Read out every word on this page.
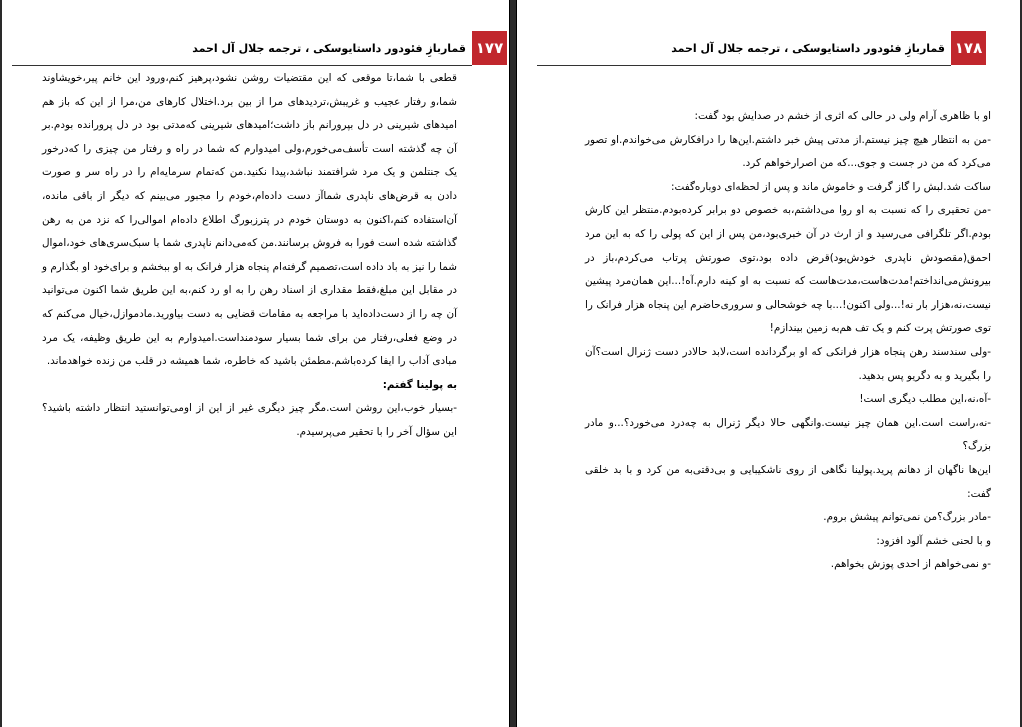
قماربازِ فئودور داستایوسکی ، ترجمه جلال آل احمد ۱۷۷

قطعی با شما،تا موقعی که این مقتضیات روشن نشود،پرهیز کنم،ورود این خانم پیر،خویشاوند شما،و رفتار عجیب و غریبش،تردیدهای مرا از بین برد.اختلال کارهای من،مرا از این که باز هم امیدهای شیرینی در دل بپرورانم باز داشت؛امیدهای شیرینی که‌مدتی بود در دل پرورانده بودم.بر آن چه گذشته است تأسف‌می‌خورم،ولی امیدوارم که شما در راه و رفتار من چیزی را که‌درخور یک جنتلمن و یک مرد شرافتمند نباشد،پیدا نکنید.من که‌تمام سرمایه‌ام را در راه سر و صورت دادن به قرض‌های ناپدری شماآز دست داده‌ام،خودم را مجبور می‌بینم که دیگر از باقی مانده، آن‌استفاده کنم،اکنون به دوستان خودم در پترزبورگ اطلاع داده‌ام اموالی‌را که نزد من به رهن گذاشته شده است فورا به فروش برسانند.من که‌می‌دانم ناپدری شما با سبک‌سری‌های خود،اموال شما را نیز به باد داده است،تصمیم گرفته‌ام پنجاه هزار فرانک به او ببخشم و برای‌خود او بگذارم و در مقابل این مبلغ،فقط مقداری از اسناد رهن را به او رد کنم،به این طریق شما اکنون می‌توانید آن چه را از دست‌داده‌اید با مراجعه به مقامات قضایی به دست بیاورید.مادموازل،خیال می‌کنم که در وضع فعلی،رفتار من برای شما بسیار سودمنداست.امیدوارم به این طریق وظیفه، یک مرد مبادی آداب را ایفا کرده‌باشم.مطمئن باشید که خاطره، شما همیشه در قلب من زنده خواهدماند.

به پولینا گفتم:

-بسیار خوب،این روشن است.مگر چیز دیگری غیر از این از اومی‌توانستید انتظار داشته باشید؟ این سؤال آخر را با تحقیر می‌پرسیدم.

قماربازِ فئودور داستایوسکی ، ترجمه جلال آل احمد ۱۷۸

او با ظاهری آرام ولی در حالی که اثری از خشم در صدایش بود گفت:

-من به انتظار هیچ چیز نیستم.از مدتی پیش خبر داشتم.این‌ها را درافکارش می‌خواندم.او تصور می‌کرد که من در جست و جوی...که من اصرارخواهم کرد.

ساکت شد.لبش را گاز گرفت و خاموش ماند و پس از لحظه‌ای دوباره‌گفت:

-من تحقیری را که نسبت به او روا می‌داشتم،به خصوص دو برابر کرده‌بودم.منتظر این کارش بودم.اگر تلگرافی می‌رسید و از ارث در آن خبری‌بود،من پس از این که پولی را که به این مرد احمق(مقصودش ناپدری خودش‌بود)قرض داده بود،توی صورتش پرتاب می‌کردم،باز در بیرونش‌می‌انداختم!مدت‌هاست،مدت‌هاست که نسبت به او کینه دارم.آه!...این همان‌مرد پیشین نیست،نه،هزار بار نه!...ولی اکنون!...با چه خوشحالی و سروری‌حاضرم این پنجاه هزار فرانک را توی صورتش پرت کنم و یک تف هم‌به زمین بیندازم!

-ولی سندسند رهن پنجاه هزار فرانکی که او برگردانده است،لابد حالادر دست ژنرال است؟آن را بگیرید و به دگریو پس بدهید.

-آه،نه،این مطلب دیگری است!

-نه،راست است.این همان چیز نیست.وانگهی حالا دیگر ژنرال به چه‌درد می‌خورد؟...و مادر بزرگ؟

این‌ها ناگهان از دهانم پرید.پولینا نگاهی از روی ناشکیبایی و بی‌دقتی‌به من کرد و با بد خلقی گفت:

-مادر بزرگ؟من نمی‌توانم پیشش بروم.

و با لحنی خشم آلود افزود:

-و نمی‌خواهم از احدی پوزش بخواهم.
